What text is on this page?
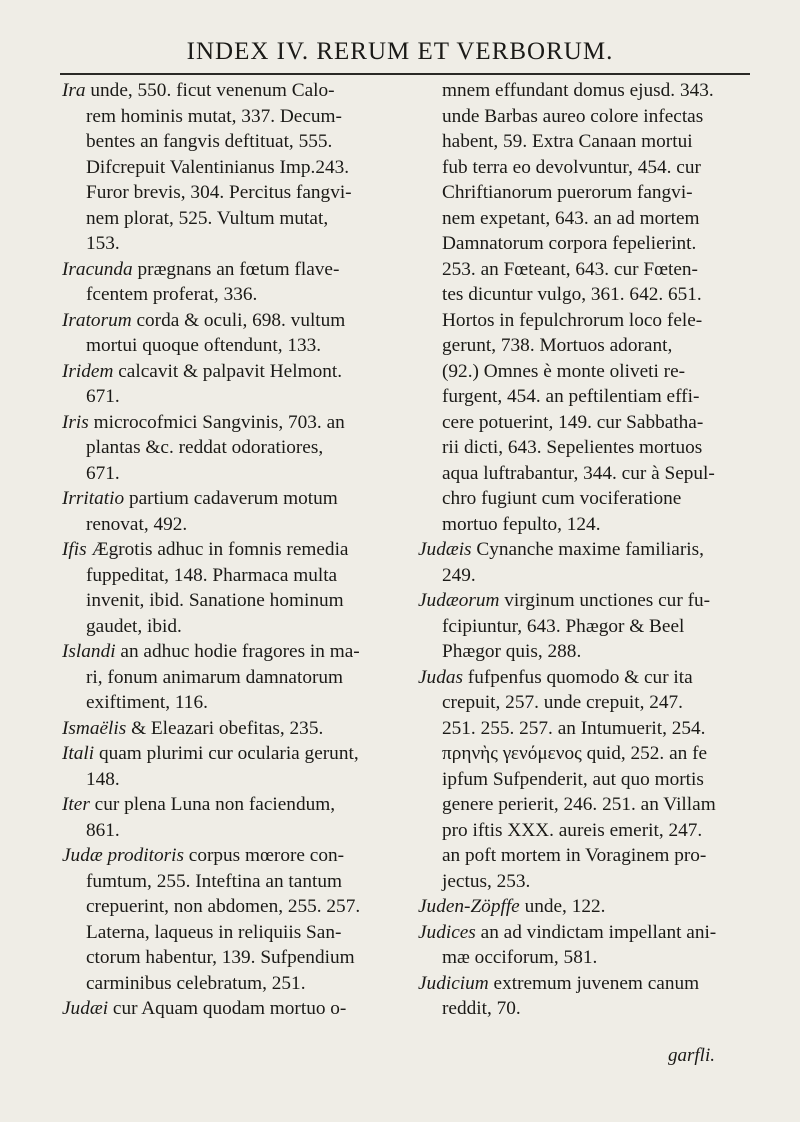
INDEX IV. RERUM ET VERBORUM.
Ira unde, 550. ficut venenum Calo-
rem hominis mutat, 337. Decum-
bentes an fangvis deftituat, 555.
Difcrepuit Valentinianus Imp.243.
Furor brevis, 304. Percitus fangvi-
nem plorat, 525. Vultum mutat,
153.
Iracunda prægnans an fœtum flave-
fcentem proferat, 336.
Iratorum corda & oculi, 698. vultum
mortui quoque oftendunt, 133.
Iridem calcavit & palpavit Helmont.
671.
Iris microcofmici Sangvinis, 703. an
plantas &c. reddat odoratiores,
671.
Irritatio partium cadaverum motum
renovat, 492.
Ifis Ægrotis adhuc in fomnis remedia
fuppeditat, 148. Pharmaca multa
invenit, ibid. Sanatione hominum
gaudet, ibid.
Islandi an adhuc hodie fragores in ma-
ri, fonum animarum damnatorum
exiftiment, 116.
Ismaëlis & Eleazari obefitas, 235.
Itali quam plurimi cur ocularia gerunt,
148.
Iter cur plena Luna non faciendum,
861.
Judæ proditoris corpus mœrore con-
fumtum, 255. Inteftina an tantum
crepuerint, non abdomen, 255. 257.
Laterna, laqueus in reliquiis San-
ctorum habentur, 139. Sufpendium
carminibus celebratum, 251.
Judæi cur Aquam quodam mortuo o-
mnem effundant domus ejusd. 343.
unde Barbas aureo colore infectas
habent, 59. Extra Canaan mortui
fub terra eo devolvuntur, 454. cur
Chriftianorum puerorum fangvi-
nem expetant, 643. an ad mortem
Damnatorum corpora fepelierint.
253. an Fœteant, 643. cur Fœten-
tes dicuntur vulgo, 361. 642. 651.
Hortos in fepulchrorum loco fele-
gerunt, 738. Mortuos adorant,
(92.) Omnes è monte oliveti re-
furgent, 454. an peftilentiam effi-
cere potuerint, 149. cur Sabbatha-
rii dicti, 643. Sepelientes mortuos
aqua luftrabantur, 344. cur à Sepul-
chro fugiunt cum vociferatione
mortuo fepulto, 124.
Judæis Cynanche maxime familiaris,
249.
Judæorum virginum unctiones cur fu-
fcipiuntur, 643. Phægor & Beel
Phægor quis, 288.
Judas fufpenfus quomodo & cur ita
crepuit, 257. unde crepuit, 247.
251. 255. 257. an Intumuerit, 254.
πρηνὴς γενόμενος quid, 252. an fe
ipfum Sufpenderit, aut quo mortis
genere perierit, 246. 251. an Villam
pro iftis XXX. aureis emerit, 247.
an poft mortem in Voraginem pro-
jectus, 253.
Juden-Zöpffe unde, 122.
Judices an ad vindictam impellant ani-
mæ occiforum, 581.
Judicium extremum juvenem canum
reddit, 70.
garfli.
